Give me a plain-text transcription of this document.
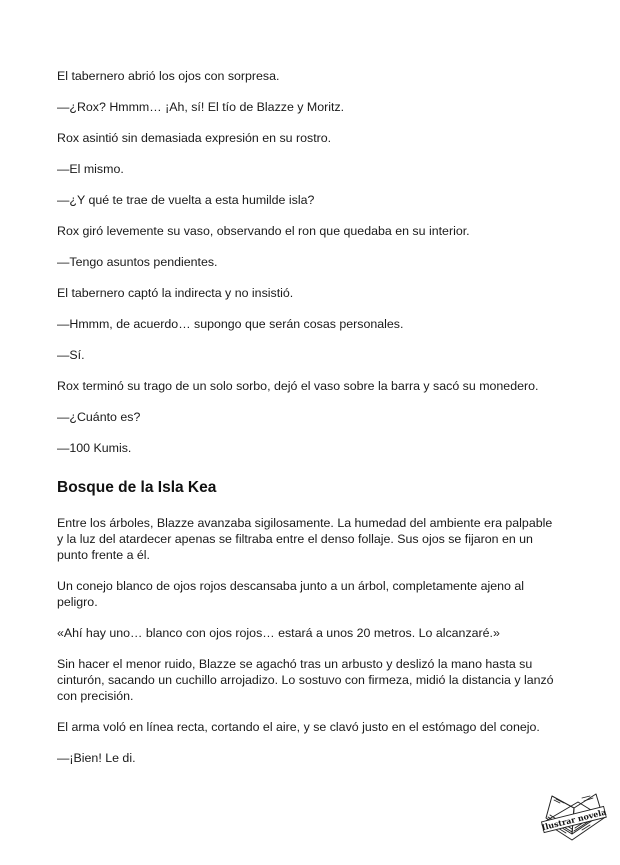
El tabernero abrió los ojos con sorpresa.

—¿Rox? Hmmm… ¡Ah, sí! El tío de Blazze y Moritz.

Rox asintió sin demasiada expresión en su rostro.

—El mismo.

—¿Y qué te trae de vuelta a esta humilde isla?

Rox giró levemente su vaso, observando el ron que quedaba en su interior.

—Tengo asuntos pendientes.

El tabernero captó la indirecta y no insistió.

—Hmmm, de acuerdo… supongo que serán cosas personales.

—Sí.

Rox terminó su trago de un solo sorbo, dejó el vaso sobre la barra y sacó su monedero.

—¿Cuánto es?

—100 Kumis.

Bosque de la Isla Kea

Entre los árboles, Blazze avanzaba sigilosamente. La humedad del ambiente era palpable y la luz del atardecer apenas se filtraba entre el denso follaje. Sus ojos se fijaron en un punto frente a él.

Un conejo blanco de ojos rojos descansaba junto a un árbol, completamente ajeno al peligro.

«Ahí hay uno… blanco con ojos rojos… estará a unos 20 metros. Lo alcanzaré.»

Sin hacer el menor ruido, Blazze se agachó tras un arbusto y deslizó la mano hasta su cinturón, sacando un cuchillo arrojadizo. Lo sostuvo con firmeza, midió la distancia y lanzó con precisión.

El arma voló en línea recta, cortando el aire, y se clavó justo en el estómago del conejo.

—¡Bien! Le di.

Ilustrar novela
